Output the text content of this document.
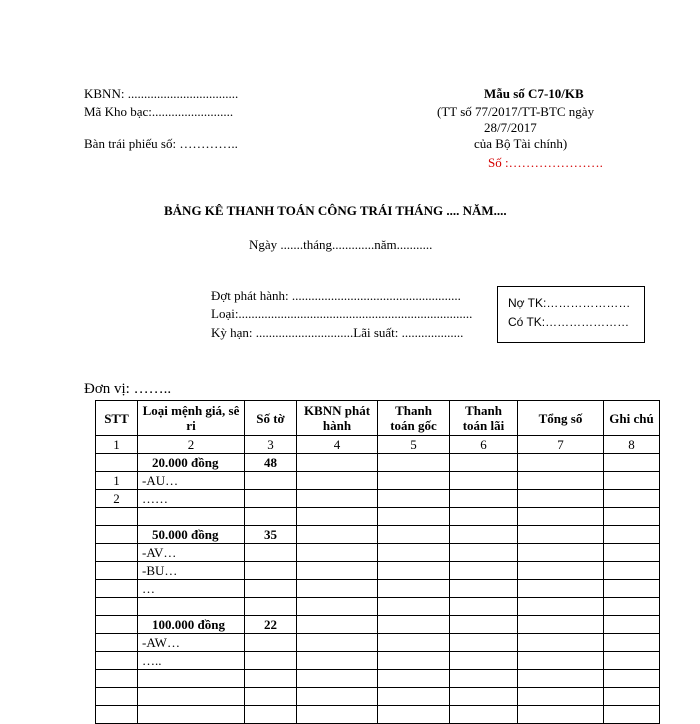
KBNN: ..................................
Mã Kho bạc:.........................
Bàn trái phiếu số: …………..
Mẫu số C7-10/KB
(TT số 77/2017/TT-BTC ngày
28/7/2017
của Bộ Tài chính)
Số :………………….
BẢNG KÊ THANH TOÁN CÔNG TRÁI THÁNG .... NĂM....
Ngày .......tháng.............năm...........
Đợt phát hành: ....................................................
Loại:........................................................................
Kỳ hạn: ..............................Lãi suất: ...................
Nợ TK:…………………
Có TK:…………………
Đơn vị: ……..
STT	Loại mệnh giá, sê ri	Số tờ	KBNN phát hành	Thanh toán gốc	Thanh toán lãi	Tổng số	Ghi chú
1	2	3	4	5	6	7	8
	20.000 đồng	48					
1	-AU…						
2	……						

	50.000 đồng	35					
	-AV…						
	-BU…						
	…						

	100.000 đồng	22					
	-AW…						
	…..						
